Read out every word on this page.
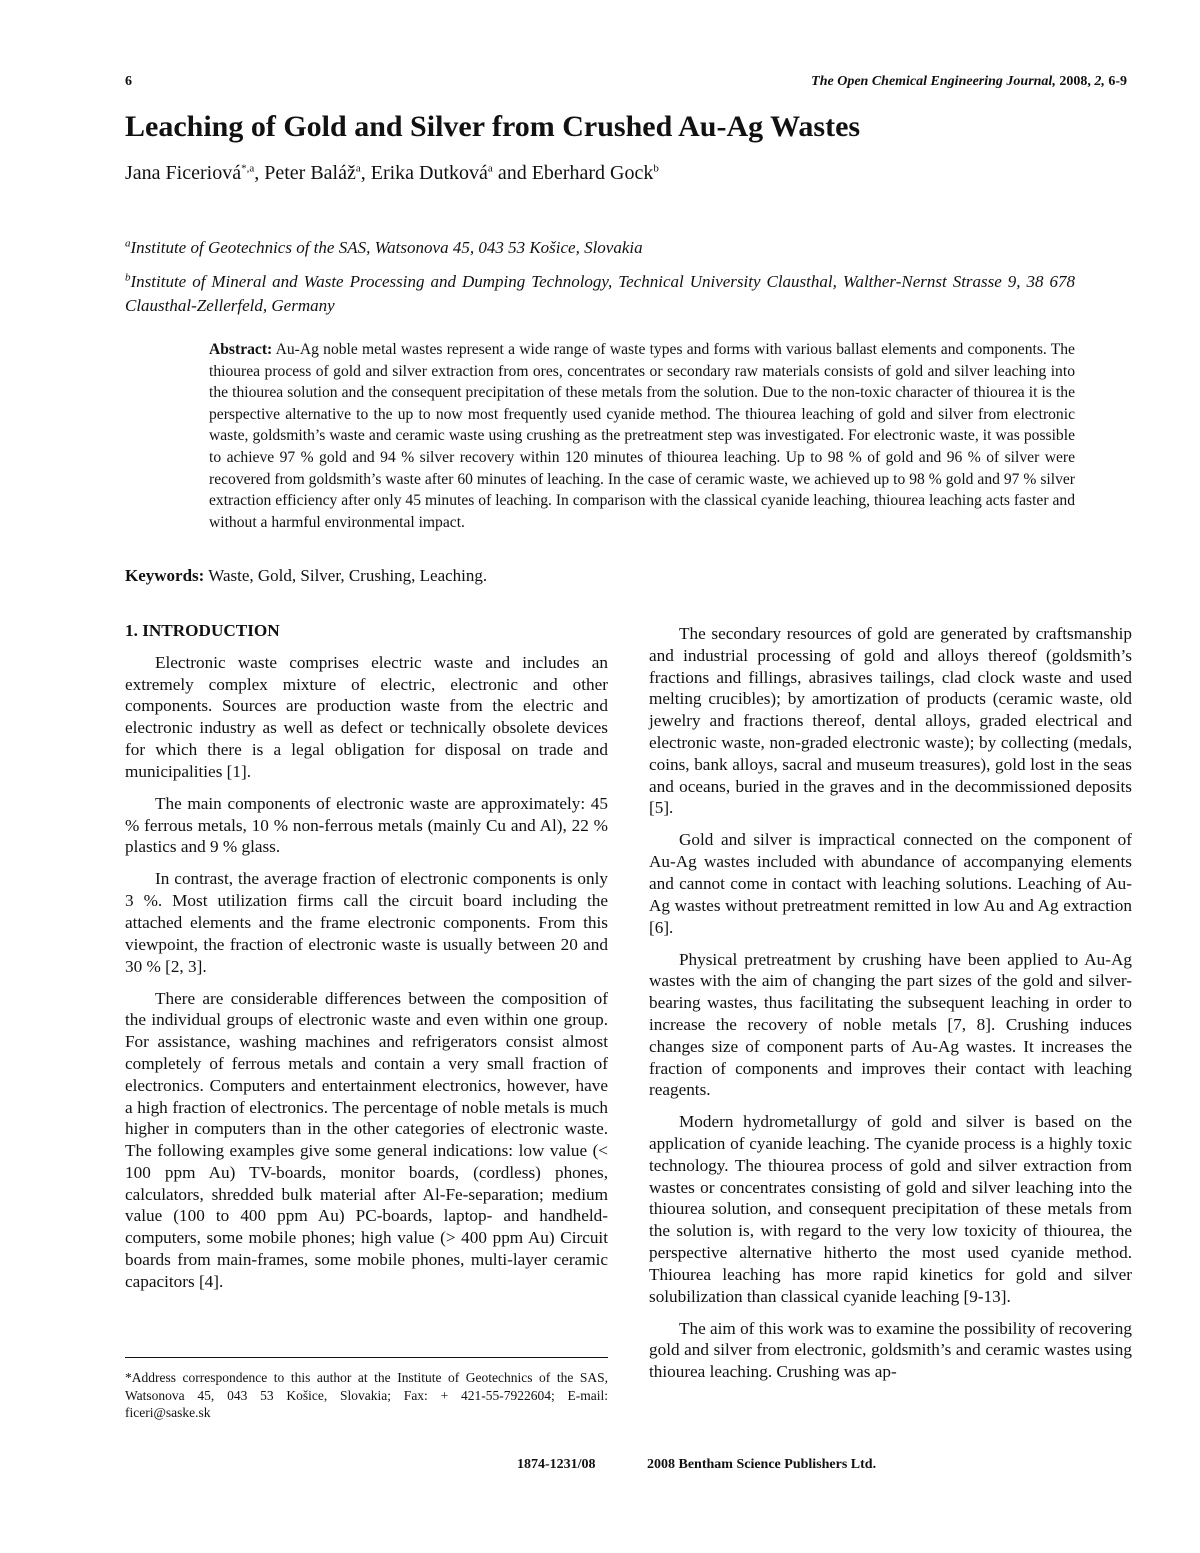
6	The Open Chemical Engineering Journal, 2008, 2, 6-9
Leaching of Gold and Silver from Crushed Au-Ag Wastes
Jana Ficeriová$^{*,a}$, Peter Baláž$^a$, Erika Dutková$^a$ and Eberhard Gock$^b$
$^a$Institute of Geotechnics of the SAS, Watsonova 45, 043 53 Košice, Slovakia
$^b$Institute of Mineral and Waste Processing and Dumping Technology, Technical University Clausthal, Walther-Nernst Strasse 9, 38 678 Clausthal-Zellerfeld, Germany
Abstract: Au-Ag noble metal wastes represent a wide range of waste types and forms with various ballast elements and components. The thiourea process of gold and silver extraction from ores, concentrates or secondary raw materials consists of gold and silver leaching into the thiourea solution and the consequent precipitation of these metals from the solution. Due to the non-toxic character of thiourea it is the perspective alternative to the up to now most frequently used cyanide method. The thiourea leaching of gold and silver from electronic waste, goldsmith’s waste and ceramic waste using crushing as the pretreatment step was investigated. For electronic waste, it was possible to achieve 97 % gold and 94 % silver recovery within 120 minutes of thiourea leaching. Up to 98 % of gold and 96 % of silver were recovered from goldsmith’s waste after 60 minutes of leaching. In the case of ceramic waste, we achieved up to 98 % gold and 97 % silver extraction efficiency after only 45 minutes of leaching. In comparison with the classical cyanide leaching, thiourea leaching acts faster and without a harmful environmental impact.
Keywords: Waste, Gold, Silver, Crushing, Leaching.
1. INTRODUCTION

Electronic waste comprises electric waste and includes an extremely complex mixture of electric, electronic and other components. Sources are production waste from the electric and electronic industry as well as defect or technically obsolete devices for which there is a legal obligation for disposal on trade and municipalities [1].

The main components of electronic waste are approximately: 45 % ferrous metals, 10 % non-ferrous metals (mainly Cu and Al), 22 % plastics and 9 % glass.

In contrast, the average fraction of electronic components is only 3 %. Most utilization firms call the circuit board including the attached elements and the frame electronic components. From this viewpoint, the fraction of electronic waste is usually between 20 and 30 % [2, 3].

There are considerable differences between the composition of the individual groups of electronic waste and even within one group. For assistance, washing machines and refrigerators consist almost completely of ferrous metals and contain a very small fraction of electronics. Computers and entertainment electronics, however, have a high fraction of electronics. The percentage of noble metals is much higher in computers than in the other categories of electronic waste. The following examples give some general indications: low value (< 100 ppm Au) TV-boards, monitor boards, (cordless) phones, calculators, shredded bulk material after Al-Fe-separation; medium value (100 to 400 ppm Au) PC-boards, laptop- and handheld-computers, some mobile phones; high value (> 400 ppm Au) Circuit boards from main-frames, some mobile phones, multi-layer ceramic capacitors [4].

The secondary resources of gold are generated by craftsmanship and industrial processing of gold and alloys thereof (goldsmith’s fractions and fillings, abrasives tailings, clad clock waste and used melting crucibles); by amortization of products (ceramic waste, old jewelry and fractions thereof, dental alloys, graded electrical and electronic waste, non-graded electronic waste); by collecting (medals, coins, bank alloys, sacral and museum treasures), gold lost in the seas and oceans, buried in the graves and in the decommissioned deposits [5].

Gold and silver is impractical connected on the component of Au-Ag wastes included with abundance of accompanying elements and cannot come in contact with leaching solutions. Leaching of Au-Ag wastes without pretreatment remitted in low Au and Ag extraction [6].

Physical pretreatment by crushing have been applied to Au-Ag wastes with the aim of changing the part sizes of the gold and silver-bearing wastes, thus facilitating the subsequent leaching in order to increase the recovery of noble metals [7, 8]. Crushing induces changes size of component parts of Au-Ag wastes. It increases the fraction of components and improves their contact with leaching reagents.

Modern hydrometallurgy of gold and silver is based on the application of cyanide leaching. The cyanide process is a highly toxic technology. The thiourea process of gold and silver extraction from wastes or concentrates consisting of gold and silver leaching into the thiourea solution, and consequent precipitation of these metals from the solution is, with regard to the very low toxicity of thiourea, the perspective alternative hitherto the most used cyanide method. Thiourea leaching has more rapid kinetics for gold and silver solubilization than classical cyanide leaching [9-13].

The aim of this work was to examine the possibility of recovering gold and silver from electronic, goldsmith’s and ceramic wastes using thiourea leaching. Crushing was ap-

*Address correspondence to this author at the Institute of Geotechnics of the SAS, Watsonova 45, 043 53 Košice, Slovakia; Fax: + 421-55-7922604; E-mail: ficeri@saske.sk
1874-1231/08	2008 Bentham Science Publishers Ltd.
